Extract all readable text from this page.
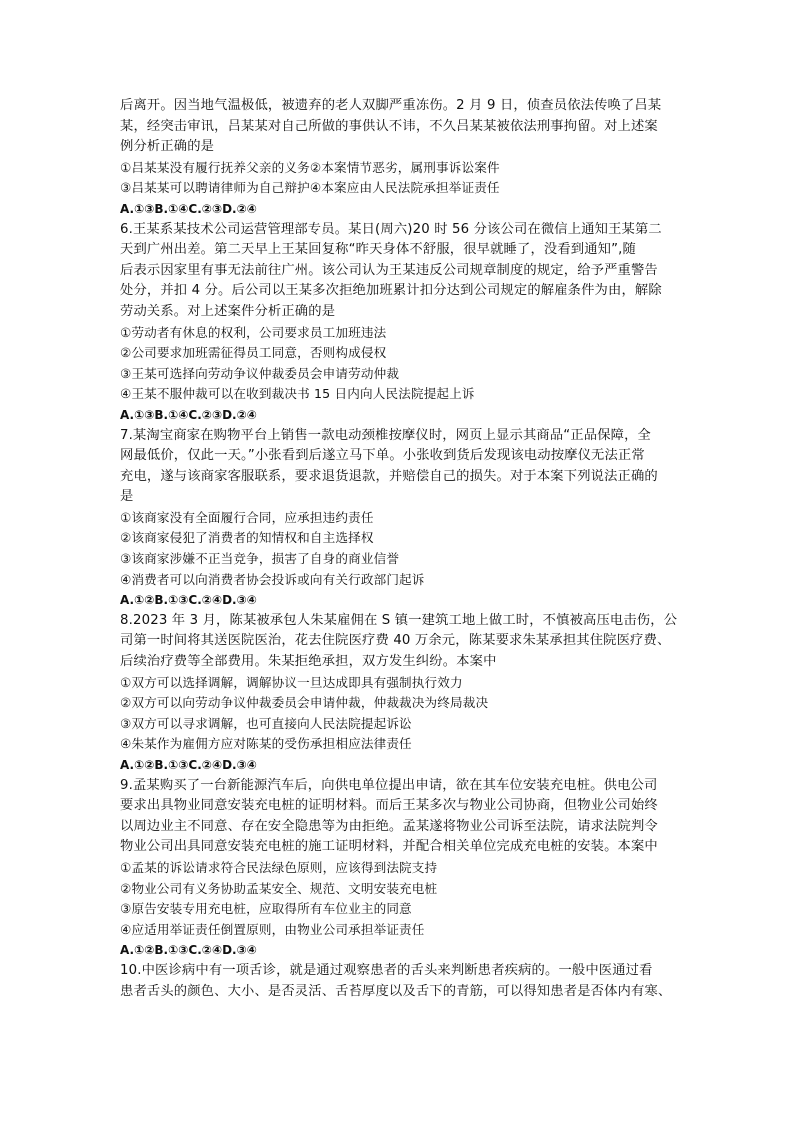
后离开。因当地气温极低，被遗弃的老人双脚严重冻伤。2 月 9 日，侦查员依法传唤了吕某
某，经突击审讯，吕某某对自己所做的事供认不讳，不久吕某某被依法刑事拘留。对上述案
例分析正确的是
①吕某某没有履行抚养父亲的义务②本案情节恶劣，属刑事诉讼案件
③吕某某可以聘请律师为自己辩护④本案应由人民法院承担举证责任
A.①③B.①④C.②③D.②④
6.王某系某技术公司运营管理部专员。某日(周六)20 时 56 分该公司在微信上通知王某第二
天到广州出差。第二天早上王某回复称“昨天身体不舒服，很早就睡了，没看到通知”,随
后表示因家里有事无法前往广州。该公司认为王某违反公司规章制度的规定，给予严重警告
处分，并扣 4 分。后公司以王某多次拒绝加班累计扣分达到公司规定的解雇条件为由，解除
劳动关系。对上述案件分析正确的是
①劳动者有休息的权利，公司要求员工加班违法
②公司要求加班需征得员工同意，否则构成侵权
③王某可选择向劳动争议仲裁委员会申请劳动仲裁
④王某不服仲裁可以在收到裁决书 15 日内向人民法院提起上诉
A.①③B.①④C.②③D.②④
7.某淘宝商家在购物平台上销售一款电动颈椎按摩仪时，网页上显示其商品“正品保障，全
网最低价，仅此一天。”小张看到后遂立马下单。小张收到货后发现该电动按摩仪无法正常
充电，遂与该商家客服联系，要求退货退款，并赔偿自己的损失。对于本案下列说法正确的
是
①该商家没有全面履行合同，应承担违约责任
②该商家侵犯了消费者的知情权和自主选择权
③该商家涉嫌不正当竞争，损害了自身的商业信誉
④消费者可以向消费者协会投诉或向有关行政部门起诉
A.①②B.①③C.②④D.③④
8.2023 年 3 月，陈某被承包人朱某雇佣在 S 镇一建筑工地上做工时，不慎被高压电击伤，公
司第一时间将其送医院医治，花去住院医疗费 40 万余元，陈某要求朱某承担其住院医疗费、
后续治疗费等全部费用。朱某拒绝承担，双方发生纠纷。本案中
①双方可以选择调解，调解协议一旦达成即具有强制执行效力
②双方可以向劳动争议仲裁委员会申请仲裁，仲裁裁决为终局裁决
③双方可以寻求调解，也可直接向人民法院提起诉讼
④朱某作为雇佣方应对陈某的受伤承担相应法律责任
A.①②B.①③C.②④D.③④
9.孟某购买了一台新能源汽车后，向供电单位提出申请，欲在其车位安装充电桩。供电公司
要求出具物业同意安装充电桩的证明材料。而后王某多次与物业公司协商，但物业公司始终
以周边业主不同意、存在安全隐患等为由拒绝。孟某遂将物业公司诉至法院，请求法院判令
物业公司出具同意安装充电桩的施工证明材料，并配合相关单位完成充电桩的安装。本案中
①孟某的诉讼请求符合民法绿色原则，应该得到法院支持
②物业公司有义务协助孟某安全、规范、文明安装充电桩
③原告安装专用充电桩，应取得所有车位业主的同意
④应适用举证责任倒置原则，由物业公司承担举证责任
A.①②B.①③C.②④D.③④
10.中医诊病中有一项舌诊，就是通过观察患者的舌头来判断患者疾病的。一般中医通过看
患者舌头的颜色、大小、是否灵活、舌苔厚度以及舌下的青筋，可以得知患者是否体内有寒、
